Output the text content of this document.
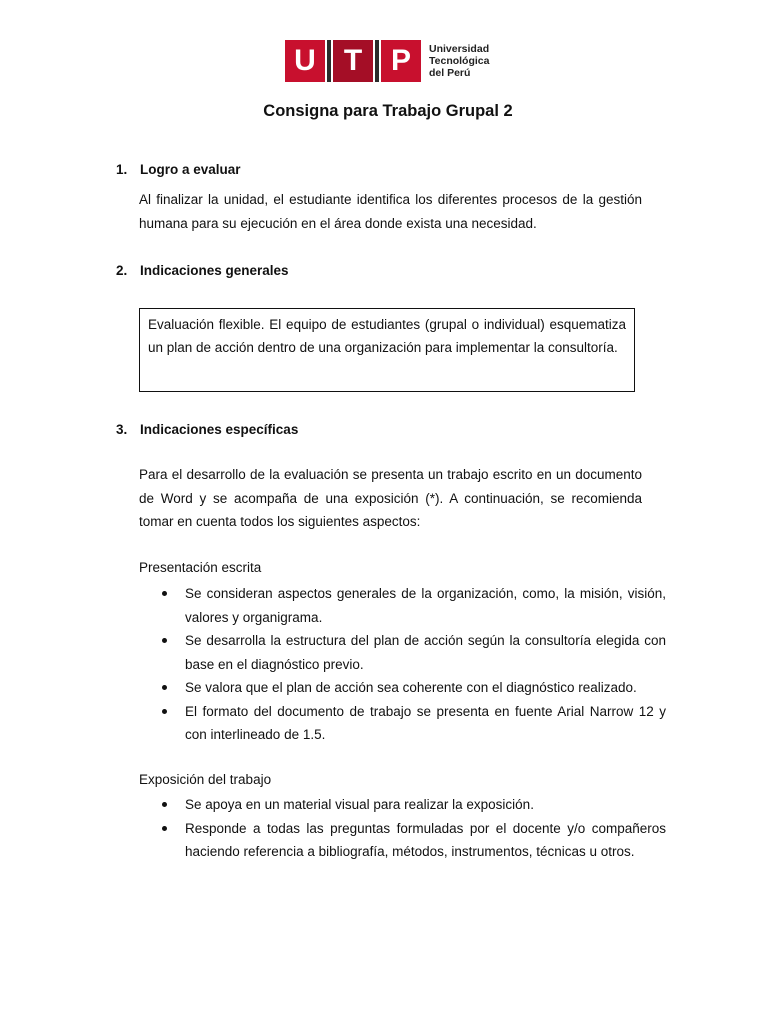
U T P	Universidad
Tecnológica
del Perú
Consigna para Trabajo Grupal 2

1. Logro a evaluar

Al finalizar la unidad, el estudiante identifica los diferentes procesos de la gestión humana para su ejecución en el área donde exista una necesidad.

2. Indicaciones generales

Evaluación flexible. El equipo de estudiantes (grupal o individual) esquematiza un plan de acción dentro de una organización para implementar la consultoría.

3. Indicaciones específicas

Para el desarrollo de la evaluación se presenta un trabajo escrito en un documento de Word y se acompaña de una exposición (*). A continuación, se recomienda tomar en cuenta todos los siguientes aspectos:

Presentación escrita

Se consideran aspectos generales de la organización, como, la misión, visión, valores y organigrama.
Se desarrolla la estructura del plan de acción según la consultoría elegida con base en el diagnóstico previo.
Se valora que el plan de acción sea coherente con el diagnóstico realizado.
El formato del documento de trabajo se presenta en fuente Arial Narrow 12 y con interlineado de 1.5.

Exposición del trabajo

Se apoya en un material visual para realizar la exposición.
Responde a todas las preguntas formuladas por el docente y/o compañeros haciendo referencia a bibliografía, métodos, instrumentos, técnicas u otros.
